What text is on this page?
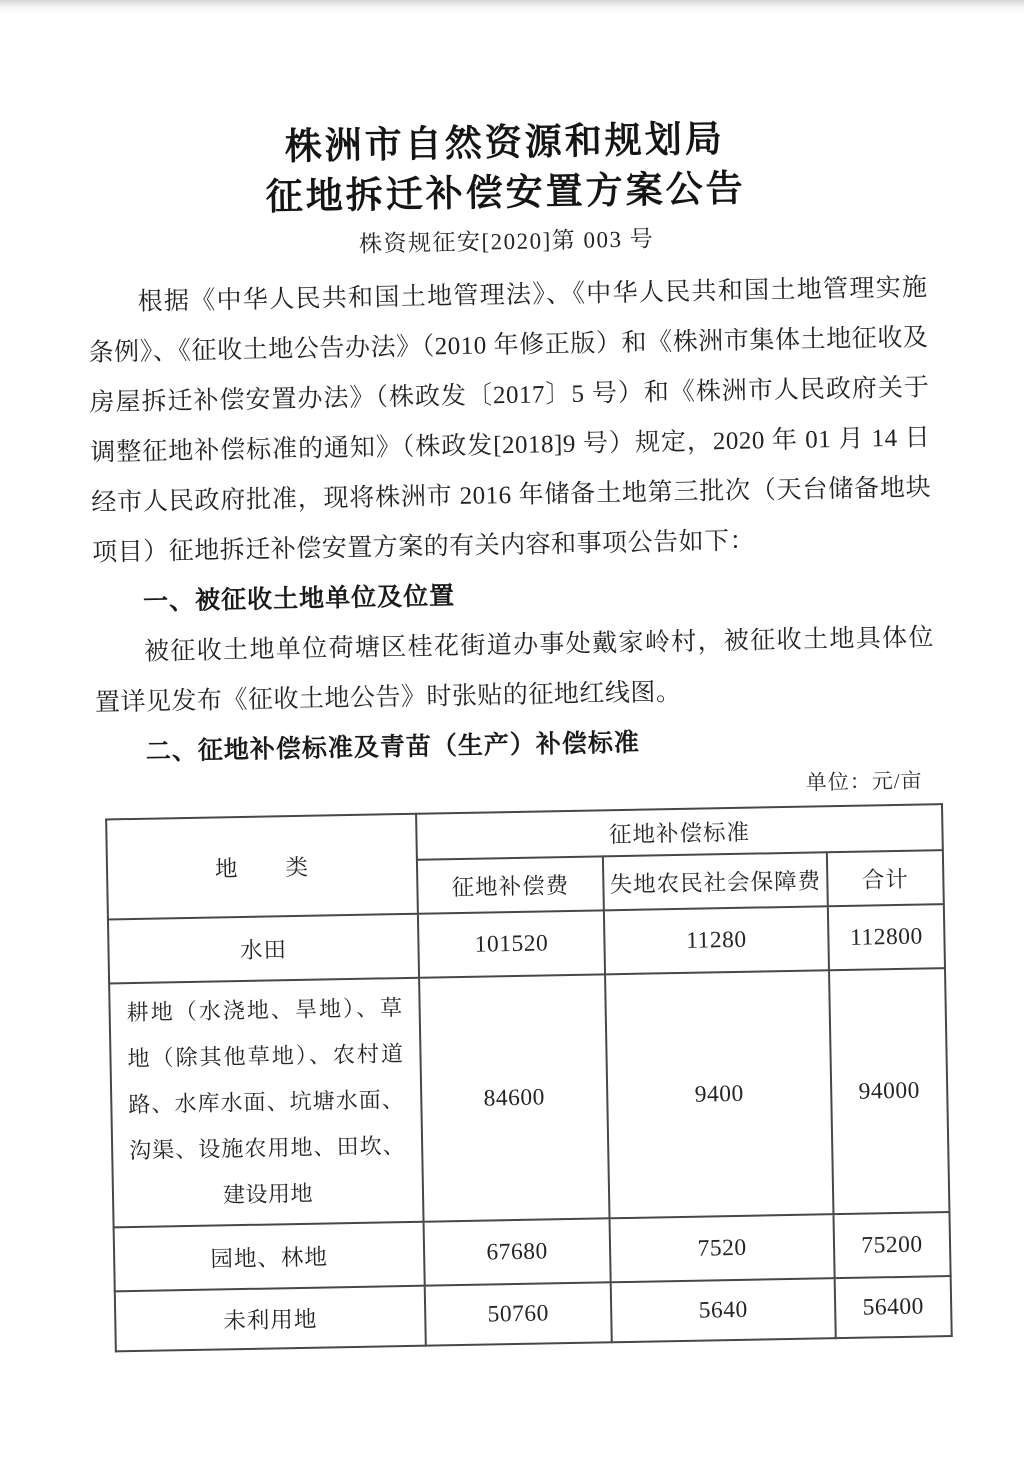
株洲市自然资源和规划局
征地拆迁补偿安置方案公告
株资规征安[2020]第 003 号

根据《中华人民共和国土地管理法》、《中华人民共和国土地管理实施条例》、《征收土地公告办法》（2010 年修正版）和《株洲市集体土地征收及房屋拆迁补偿安置办法》（株政发〔2017〕5 号）和《株洲市人民政府关于调整征地补偿标准的通知》（株政发[2018]9 号）规定，2020 年 01 月 14 日经市人民政府批准，现将株洲市 2016 年储备土地第三批次（天台储备地块项目）征地拆迁补偿安置方案的有关内容和事项公告如下：

一、被征收土地单位及位置

被征收土地单位荷塘区桂花街道办事处戴家岭村，被征收土地具体位置详见发布《征收土地公告》时张贴的征地红线图。

二、征地补偿标准及青苗（生产）补偿标准

单位：元/亩
地　　类	征地补偿标准		
	征地补偿费	失地农民社会保障费	合计
水田	101520	11280	112800
耕地（水浇地、旱地）、草地（除其他草地）、农村道路、水库水面、坑塘水面、沟渠、设施农用地、田坎、建设用地	84600	9400	94000
园地、林地	67680	7520	75200
未利用地	50760	5640	56400
